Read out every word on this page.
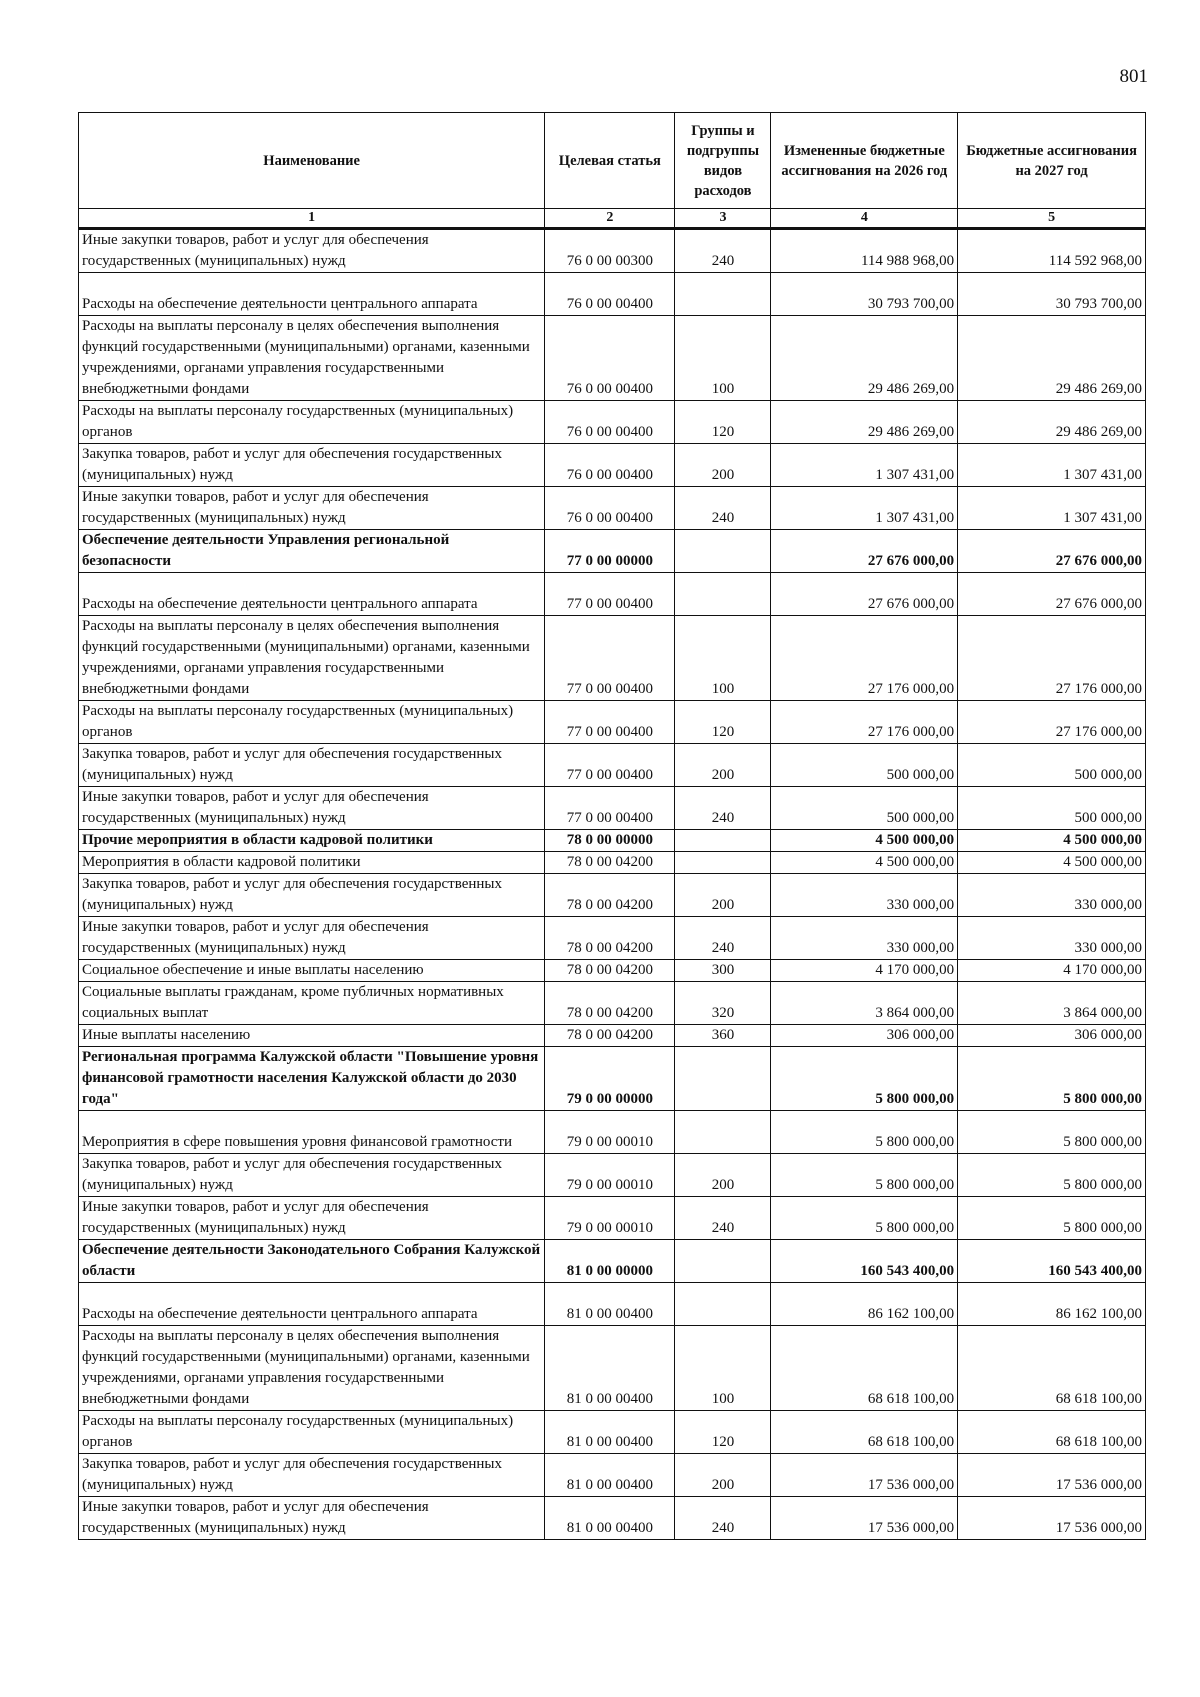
801
Наименование	Целевая статья	Группы и подгруппы видов расходов	Измененные бюджетные ассигнования на 2026 год	Бюджетные ассигнования на 2027 год
1	2	3	4	5
Иные закупки товаров, работ и услуг для обеспечения государственных (муниципальных) нужд	76 0 00 00300	240	114 988 968,00	114 592 968,00
Расходы на обеспечение деятельности центрального аппарата	76 0 00 00400		30 793 700,00	30 793 700,00
Расходы на выплаты персоналу в целях обеспечения выполнения функций государственными (муниципальными) органами, казенными учреждениями, органами управления государственными внебюджетными фондами	76 0 00 00400	100	29 486 269,00	29 486 269,00
Расходы на выплаты персоналу государственных (муниципальных) органов	76 0 00 00400	120	29 486 269,00	29 486 269,00
Закупка товаров, работ и услуг для обеспечения государственных (муниципальных) нужд	76 0 00 00400	200	1 307 431,00	1 307 431,00
Иные закупки товаров, работ и услуг для обеспечения государственных (муниципальных) нужд	76 0 00 00400	240	1 307 431,00	1 307 431,00
Обеспечение деятельности Управления региональной безопасности	77 0 00 00000		27 676 000,00	27 676 000,00
Расходы на обеспечение деятельности центрального аппарата	77 0 00 00400		27 676 000,00	27 676 000,00
Расходы на выплаты персоналу в целях обеспечения выполнения функций государственными (муниципальными) органами, казенными учреждениями, органами управления государственными внебюджетными фондами	77 0 00 00400	100	27 176 000,00	27 176 000,00
Расходы на выплаты персоналу государственных (муниципальных) органов	77 0 00 00400	120	27 176 000,00	27 176 000,00
Закупка товаров, работ и услуг для обеспечения государственных (муниципальных) нужд	77 0 00 00400	200	500 000,00	500 000,00
Иные закупки товаров, работ и услуг для обеспечения государственных (муниципальных) нужд	77 0 00 00400	240	500 000,00	500 000,00
Прочие мероприятия в области кадровой политики	78 0 00 00000		4 500 000,00	4 500 000,00
Мероприятия в области кадровой политики	78 0 00 04200		4 500 000,00	4 500 000,00
Закупка товаров, работ и услуг для обеспечения государственных (муниципальных) нужд	78 0 00 04200	200	330 000,00	330 000,00
Иные закупки товаров, работ и услуг для обеспечения государственных (муниципальных) нужд	78 0 00 04200	240	330 000,00	330 000,00
Социальное обеспечение и иные выплаты населению	78 0 00 04200	300	4 170 000,00	4 170 000,00
Социальные выплаты гражданам, кроме публичных нормативных социальных выплат	78 0 00 04200	320	3 864 000,00	3 864 000,00
Иные выплаты населению	78 0 00 04200	360	306 000,00	306 000,00
Региональная программа Калужской области "Повышение уровня финансовой грамотности населения Калужской области до 2030 года"	79 0 00 00000		5 800 000,00	5 800 000,00
Мероприятия в сфере повышения уровня финансовой грамотности	79 0 00 00010		5 800 000,00	5 800 000,00
Закупка товаров, работ и услуг для обеспечения государственных (муниципальных) нужд	79 0 00 00010	200	5 800 000,00	5 800 000,00
Иные закупки товаров, работ и услуг для обеспечения государственных (муниципальных) нужд	79 0 00 00010	240	5 800 000,00	5 800 000,00
Обеспечение деятельности Законодательного Собрания Калужской области	81 0 00 00000		160 543 400,00	160 543 400,00
Расходы на обеспечение деятельности центрального аппарата	81 0 00 00400		86 162 100,00	86 162 100,00
Расходы на выплаты персоналу в целях обеспечения выполнения функций государственными (муниципальными) органами, казенными учреждениями, органами управления государственными внебюджетными фондами	81 0 00 00400	100	68 618 100,00	68 618 100,00
Расходы на выплаты персоналу государственных (муниципальных) органов	81 0 00 00400	120	68 618 100,00	68 618 100,00
Закупка товаров, работ и услуг для обеспечения государственных (муниципальных) нужд	81 0 00 00400	200	17 536 000,00	17 536 000,00
Иные закупки товаров, работ и услуг для обеспечения государственных (муниципальных) нужд	81 0 00 00400	240	17 536 000,00	17 536 000,00
